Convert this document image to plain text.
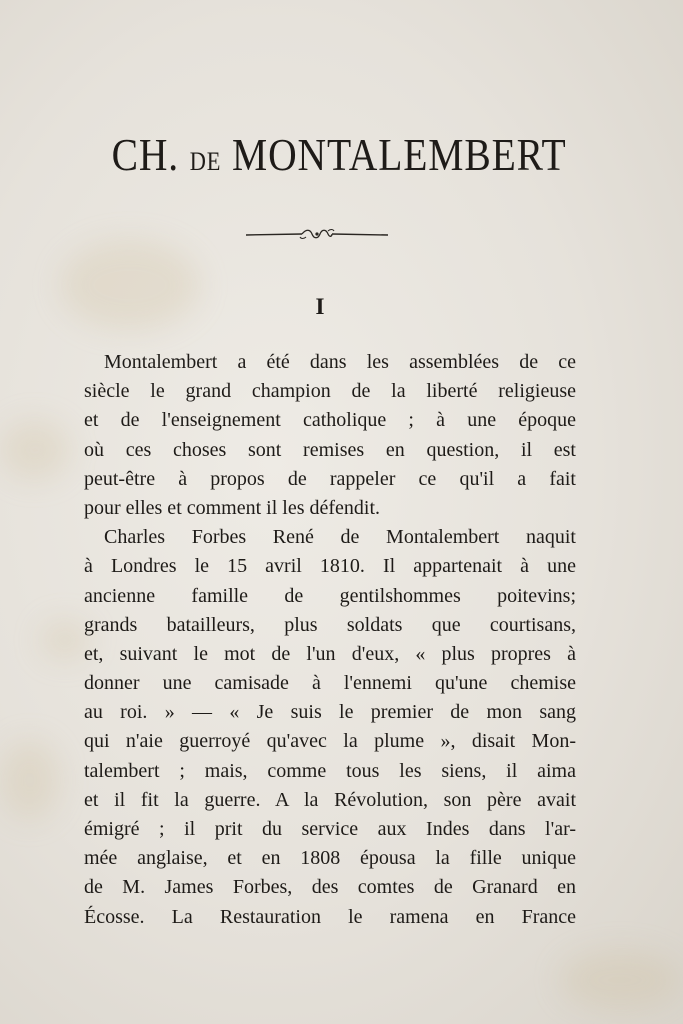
CH. DE MONTALEMBERT
I
Montalembert a été dans les assemblées de ce
siècle le grand champion de la liberté religieuse
et de l'enseignement catholique ; à une époque
où ces choses sont remises en question, il est
peut-être à propos de rappeler ce qu'il a fait
pour elles et comment il les défendit.
Charles Forbes René de Montalembert naquit
à Londres le 15 avril 1810. Il appartenait à une
ancienne famille de gentilshommes poitevins;
grands batailleurs, plus soldats que courtisans,
et, suivant le mot de l'un d'eux, « plus propres à
donner une camisade à l'ennemi qu'une chemise
au roi. » — « Je suis le premier de mon sang
qui n'aie guerroyé qu'avec la plume », disait Mon-
talembert ; mais, comme tous les siens, il aima
et il fit la guerre. A la Révolution, son père avait
émigré ; il prit du service aux Indes dans l'ar-
mée anglaise, et en 1808 épousa la fille unique
de M. James Forbes, des comtes de Granard en
Écosse. La Restauration le ramena en France
